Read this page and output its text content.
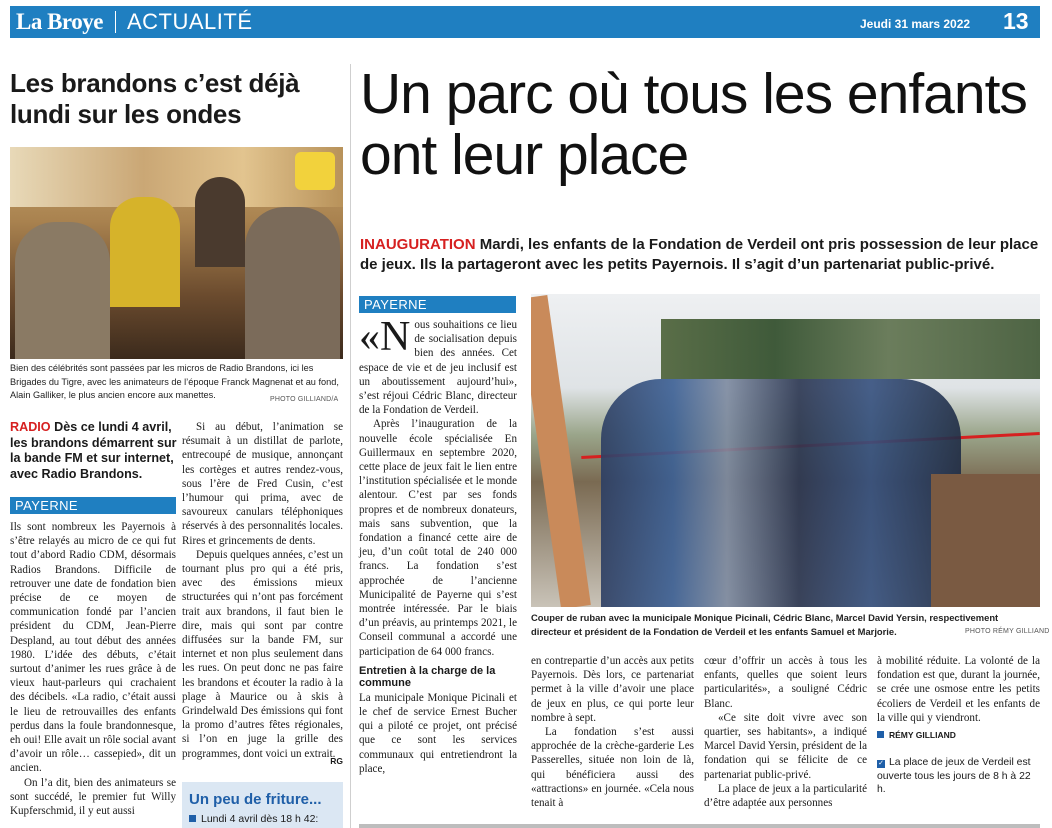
La Broye ACTUALITÉ	Jeudi 31 mars 2022 13
Les brandons c’est déjà lundi sur les ondes
Bien des célébrités sont passées par les micros de Radio Brandons, ici les Brigades du Tigre, avec les animateurs de l’époque Franck Magnenat et au fond, Alain Galliker, le plus ancien encore aux manettes.	PHOTO GILLIAND/A
RADIO Dès ce lundi 4 avril, les brandons démarrent sur la bande FM et sur internet, avec Radio Brandons.
PAYERNE

Ils sont nombreux les Payernois à s’être relayés au micro de ce qui fut tout d’abord Radio CDM, désormais Radios Brandons. Difficile de retrouver une date de fondation bien précise de ce moyen de communication fondé par l’ancien président du CDM, Jean-Pierre Despland, au tout début des années 1980. L’idée des débuts, c’était surtout d’animer les rues grâce à de vieux haut-parleurs qui crachaient des décibels. «La radio, c’était aussi le lieu de retrouvailles des enfants perdus dans la foule brandonnesque, eh oui! Elle avait un rôle social avant d’avoir un rôle… cassepied», dit un ancien.

On l’a dit, bien des animateurs se sont succédé, le premier fut Willy Kupferschmid, il y eut aussi

Si au début, l’animation se résumait à un distillat de parlote, entrecoupé de musique, annonçant les cortèges et autres rendez-vous, sous l’ère de Fred Cusin, c’est l’humour qui prima, avec de savoureux canulars téléphoniques réservés à des personnalités locales. Rires et grincements de dents.

Depuis quelques années, c’est un tournant plus pro qui a été pris, avec des émissions mieux structurées qui n’ont pas forcément trait aux brandons, il faut bien le dire, mais qui sont par contre diffusées sur la bande FM, sur internet et non plus seulement dans les rues. On peut donc ne pas faire les brandons et écouter la radio à la plage à Maurice ou à skis à Grindelwald Des émissions qui font la promo d’autres fêtes régionales, si l’on en juge la grille des programmes, dont voici un extrait.

RG
Un peu de friture...
Lundi 4 avril dès 18 h 42:
Un parc où tous les enfants ont leur place
INAUGURATION Mardi, les enfants de la Fondation de Verdeil ont pris possession de leur place de jeux. Ils la partageront avec les petits Payernois. Il s’agit d’un partenariat public-privé.
PAYERNE

«Nous souhaitions ce lieu de socialisation depuis bien des années. Cet espace de vie et de jeu inclusif est un aboutissement aujourd’hui», s’est réjoui Cédric Blanc, directeur de la Fondation de Verdeil.

Après l’inauguration de la nouvelle école spécialisée En Guillermaux en septembre 2020, cette place de jeux fait le lien entre l’institution spécialisée et le monde alentour. C’est par ses fonds propres et de nombreux donateurs, mais sans subvention, que la fondation a financé cette aire de jeu, d’un coût total de 240 000 francs. La fondation s’est approchée de l’ancienne Municipalité de Payerne qui s’est montrée intéressée. Par le biais d’un préavis, au printemps 2021, le Conseil communal a accordé une participation de 64 000 francs.

Entretien à la charge de la commune

La municipale Monique Picinali et le chef de service Ernest Bucher qui a piloté ce projet, ont précisé que ce sont les services communaux qui entretiendront la place,

Couper de ruban avec la municipale Monique Picinali, Cédric Blanc, Marcel David Yersin, respectivement directeur et président de la Fondation de Verdeil et les enfants Samuel et Marjorie.	PHOTO RÉMY GILLIAND

en contrepartie d’un accès aux petits Payernois. Dès lors, ce partenariat permet à la ville d’avoir une place de jeux en plus, ce qui porte leur nombre à sept.

La fondation s’est aussi approchée de la crèche-garderie Les Passerelles, située non loin de là, qui bénéficiera aussi des «attractions» en journée. «Cela nous tenait à

cœur d’offrir un accès à tous les enfants, quelles que soient leurs particularités», a souligné Cédric Blanc.

«Ce site doit vivre avec son quartier, ses habitants», a indiqué Marcel David Yersin, président de la fondation qui se félicite de ce partenariat public-privé.

La place de jeux a la particularité d’être adaptée aux personnes

à mobilité réduite. La volonté de la fondation est que, durant la journée, se crée une osmose entre les petits écoliers de Verdeil et les enfants de la ville qui y viendront.

RÉMY GILLIAND
✓ La place de jeux de Verdeil est ouverte tous les jours de 8 h à 22 h.
